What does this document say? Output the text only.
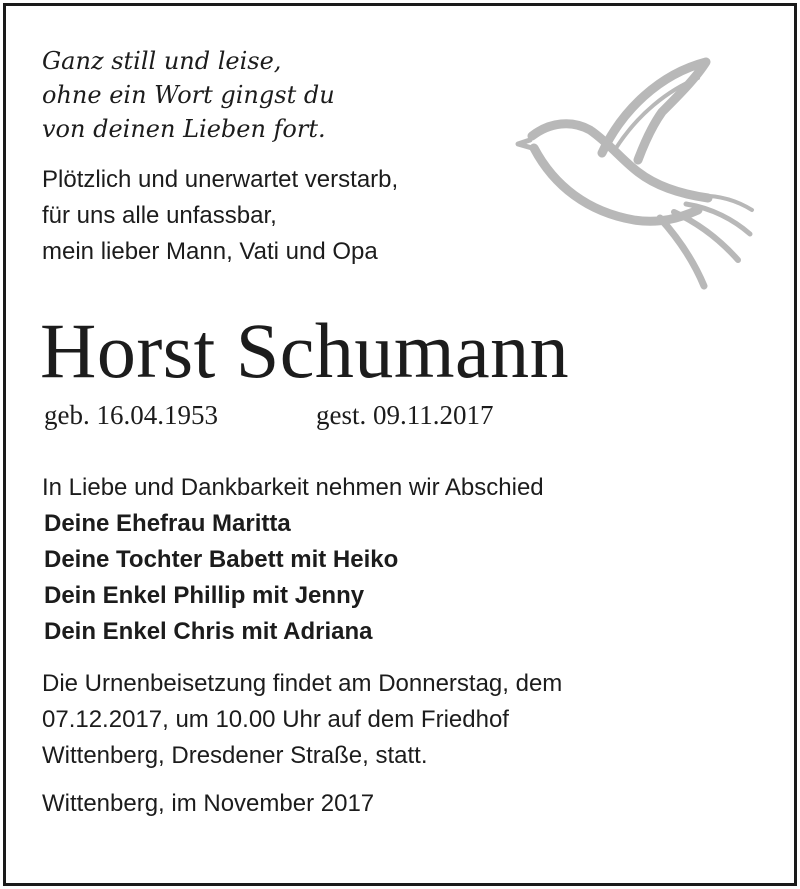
Ganz still und leise,
ohne ein Wort gingst du
von deinen Lieben fort.
Plötzlich und unerwartet verstarb,
für uns alle unfassbar,
mein lieber Mann, Vati und Opa
Horst Schumann
geb. 16.04.1953	gest. 09.11.2017
In Liebe und Dankbarkeit nehmen wir Abschied
Deine Ehefrau Maritta
Deine Tochter Babett mit Heiko
Dein Enkel Phillip mit Jenny
Dein Enkel Chris mit Adriana
Die Urnenbeisetzung findet am Donnerstag, dem
07.12.2017, um 10.00 Uhr auf dem Friedhof
Wittenberg, Dresdener Straße, statt.
Wittenberg, im November 2017
